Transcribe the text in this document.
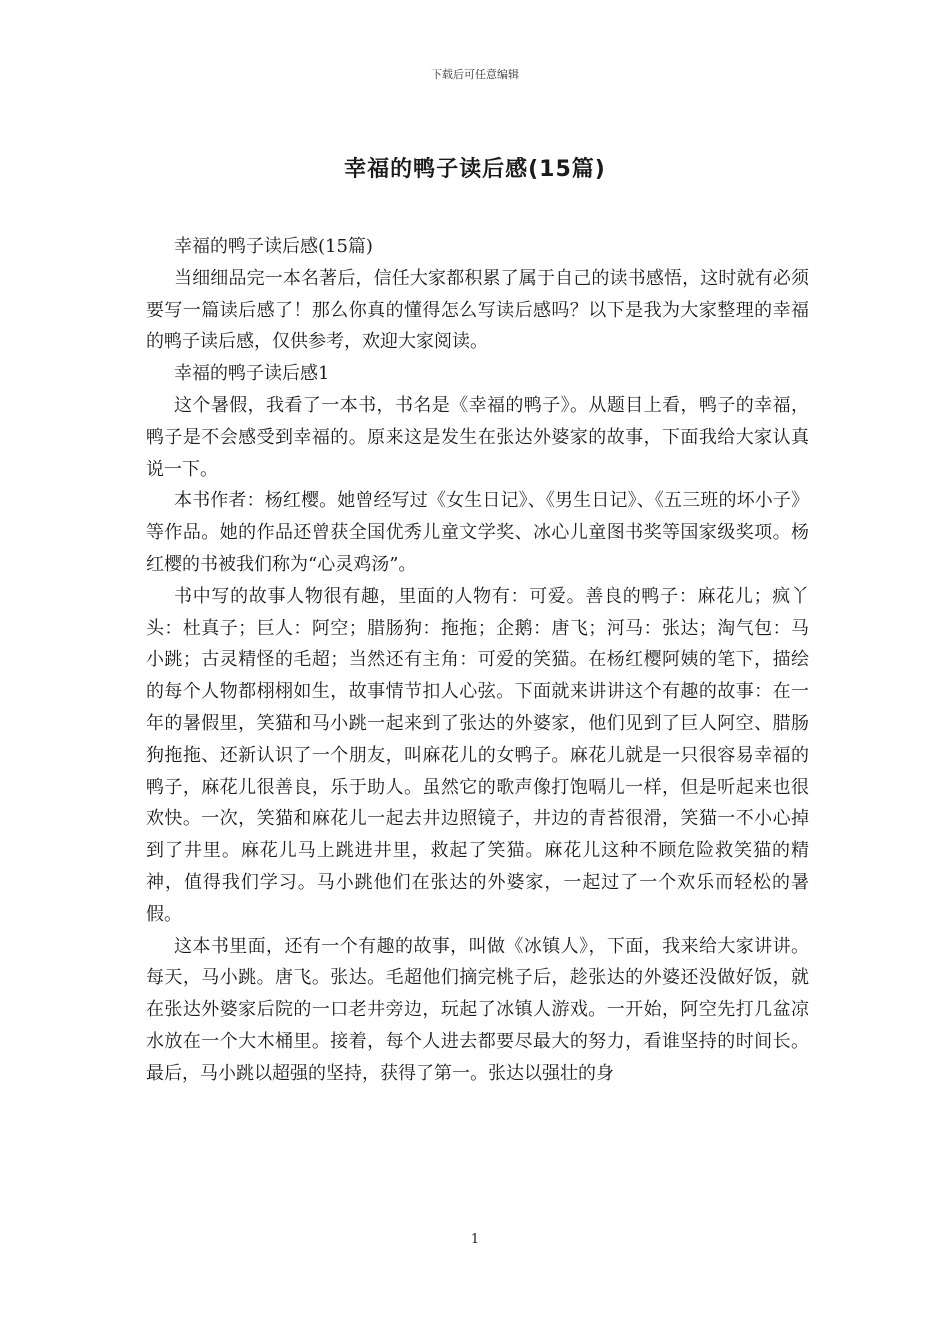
下载后可任意编辑
幸福的鸭子读后感(15篇)

幸福的鸭子读后感(15篇)

当细细品完一本名著后，信任大家都积累了属于自己的读书感悟，这时就有必须要写一篇读后感了！那么你真的懂得怎么写读后感吗？以下是我为大家整理的幸福的鸭子读后感，仅供参考，欢迎大家阅读。

幸福的鸭子读后感1

这个暑假，我看了一本书，书名是《幸福的鸭子》。从题目上看，鸭子的幸福，鸭子是不会感受到幸福的。原来这是发生在张达外婆家的故事，下面我给大家认真说一下。

本书作者：杨红樱。她曾经写过《女生日记》、《男生日记》、《五三班的坏小子》等作品。她的作品还曾获全国优秀儿童文学奖、冰心儿童图书奖等国家级奖项。杨红樱的书被我们称为“心灵鸡汤”。

书中写的故事人物很有趣，里面的人物有：可爱。善良的鸭子：麻花儿；疯丫头：杜真子；巨人：阿空；腊肠狗：拖拖；企鹅：唐飞；河马：张达；淘气包：马小跳；古灵精怪的毛超；当然还有主角：可爱的笑猫。在杨红樱阿姨的笔下，描绘的每个人物都栩栩如生，故事情节扣人心弦。下面就来讲讲这个有趣的故事：在一年的暑假里，笑猫和马小跳一起来到了张达的外婆家，他们见到了巨人阿空、腊肠狗拖拖、还新认识了一个朋友，叫麻花儿的女鸭子。麻花儿就是一只很容易幸福的鸭子，麻花儿很善良，乐于助人。虽然它的歌声像打饱嗝儿一样，但是听起来也很欢快。一次，笑猫和麻花儿一起去井边照镜子，井边的青苔很滑，笑猫一不小心掉到了井里。麻花儿马上跳进井里，救起了笑猫。麻花儿这种不顾危险救笑猫的精神，值得我们学习。马小跳他们在张达的外婆家，一起过了一个欢乐而轻松的暑假。

这本书里面，还有一个有趣的故事，叫做《冰镇人》，下面，我来给大家讲讲。每天，马小跳。唐飞。张达。毛超他们摘完桃子后，趁张达的外婆还没做好饭，就在张达外婆家后院的一口老井旁边，玩起了冰镇人游戏。一开始，阿空先打几盆凉水放在一个大木桶里。接着，每个人进去都要尽最大的努力，看谁坚持的时间长。最后，马小跳以超强的坚持，获得了第一。张达以强壮的身

1
